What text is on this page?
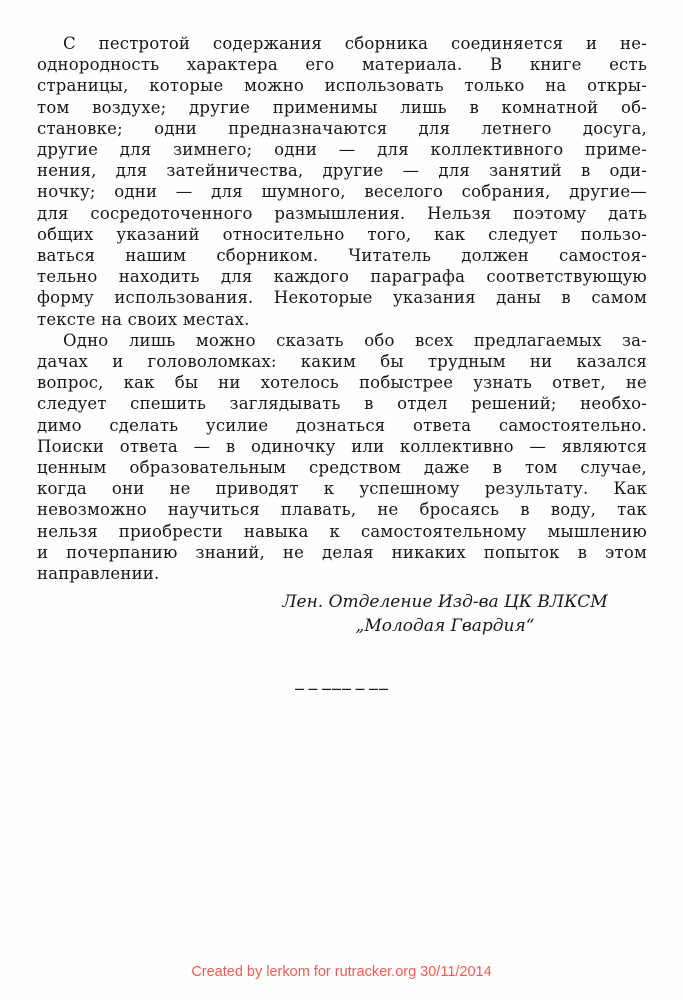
С пестротой содержания сборника соединяется и не-
однородность характера его материала. В книге есть
страницы, которые можно использовать только на откры-
том воздухе; другие применимы лишь в комнатной об-
становке; одни предназначаются для летнего досуга,
другие для зимнего; одни — для коллективного приме-
нения, для затейничества, другие — для занятий в оди-
ночку; одни — для шумного, веселого собрания, другие—
для сосредоточенного размышления. Нельзя поэтому дать
общих указаний относительно того, как следует пользо-
ваться нашим сборником. Читатель должен самостоя-
тельно находить для каждого параграфа соответствующую
форму использования. Некоторые указания даны в самом
тексте на своих местах.
Одно лишь можно сказать обо всех предлагаемых за-
дачах и головоломках: каким бы трудным ни казался
вопрос, как бы ни хотелось побыстрее узнать ответ, не
следует спешить заглядывать в отдел решений; необхо-
димо сделать усилие дознаться ответа самостоятельно.
Поиски ответа — в одиночку или коллективно — являются
ценным образовательным средством даже в том случае,
когда они не приводят к успешному результату. Как
невозможно научиться плавать, не бросаясь в воду, так
нельзя приобрести навыка к самостоятельному мышлению
и почерпанию знаний, не делая никаких попыток в этом
направлении.
Лен. Отделение Изд-ва ЦК ВЛКСМ
„Молодая Гвардия“
— — ——— — ——
Created by lerkom for rutracker.org 30/11/2014
